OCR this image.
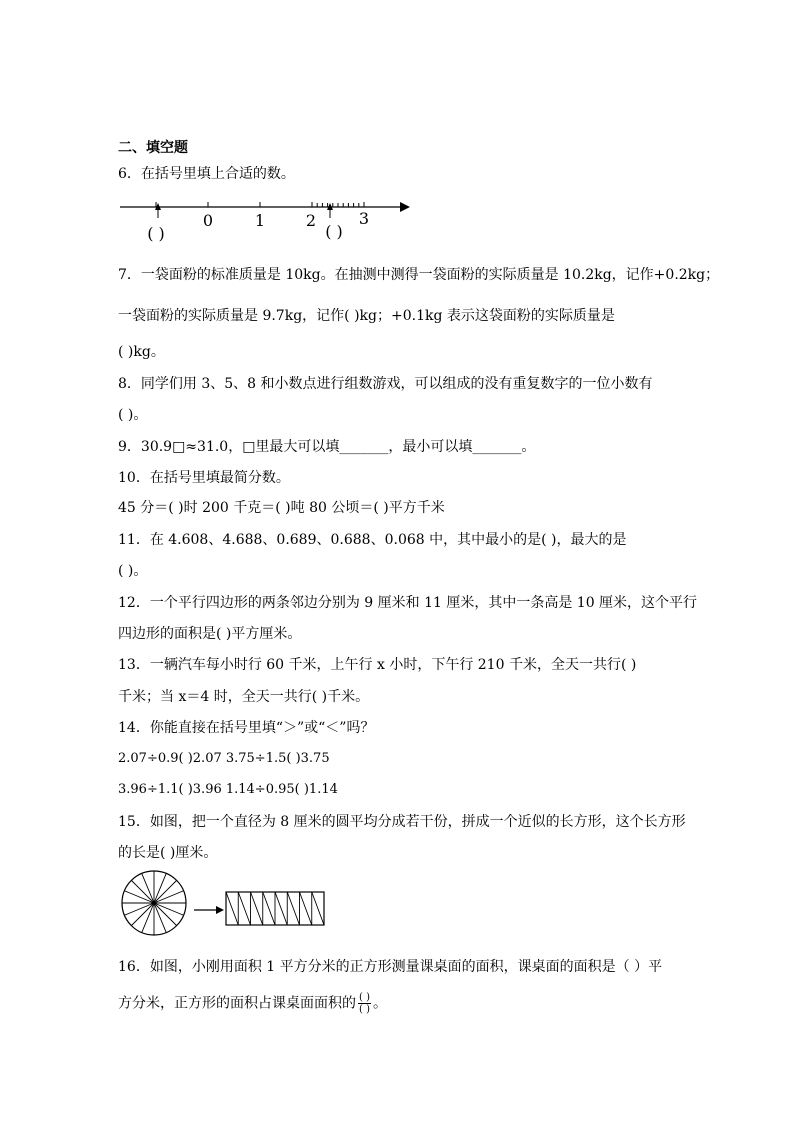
二、填空题
6．在括号里填上合适的数。
0	1	2	3
( )	( )
7．一袋面粉的标准质量是 10kg。在抽测中测得一袋面粉的实际质量是 10.2kg，记作+0.2kg；
一袋面粉的实际质量是 9.7kg，记作( )kg；+0.1kg 表示这袋面粉的实际质量是
( )kg。
8．同学们用 3、5、8 和小数点进行组数游戏，可以组成的没有重复数字的一位小数有
( )。
9．30.9□≈31.0，□里最大可以填_______，最小可以填_______。
10．在括号里填最简分数。
45 分＝( )时 200 千克＝( )吨 80 公顷＝( )平方千米
11．在 4.608、4.688、0.689、0.688、0.068 中，其中最小的是( )，最大的是
( )。
12．一个平行四边形的两条邻边分别为 9 厘米和 11 厘米，其中一条高是 10 厘米，这个平行
四边形的面积是( )平方厘米。
13．一辆汽车每小时行 60 千米，上午行 x 小时，下午行 210 千米，全天一共行( )
千米；当 x＝4 时，全天一共行( )千米。
14．你能直接在括号里填“＞”或“＜”吗？
2.07÷0.9( )2.07 3.75÷1.5( )3.75
3.96÷1.1( )3.96 1.14÷0.95( )1.14
15．如图，把一个直径为 8 厘米的圆平均分成若干份，拼成一个近似的长方形，这个长方形
的长是( )厘米。
16．如图，小刚用面积 1 平方分米的正方形测量课桌面的面积，课桌面的面积是（ ）平
方分米，正方形的面积占课桌面面积的 ( )
( ) 。
